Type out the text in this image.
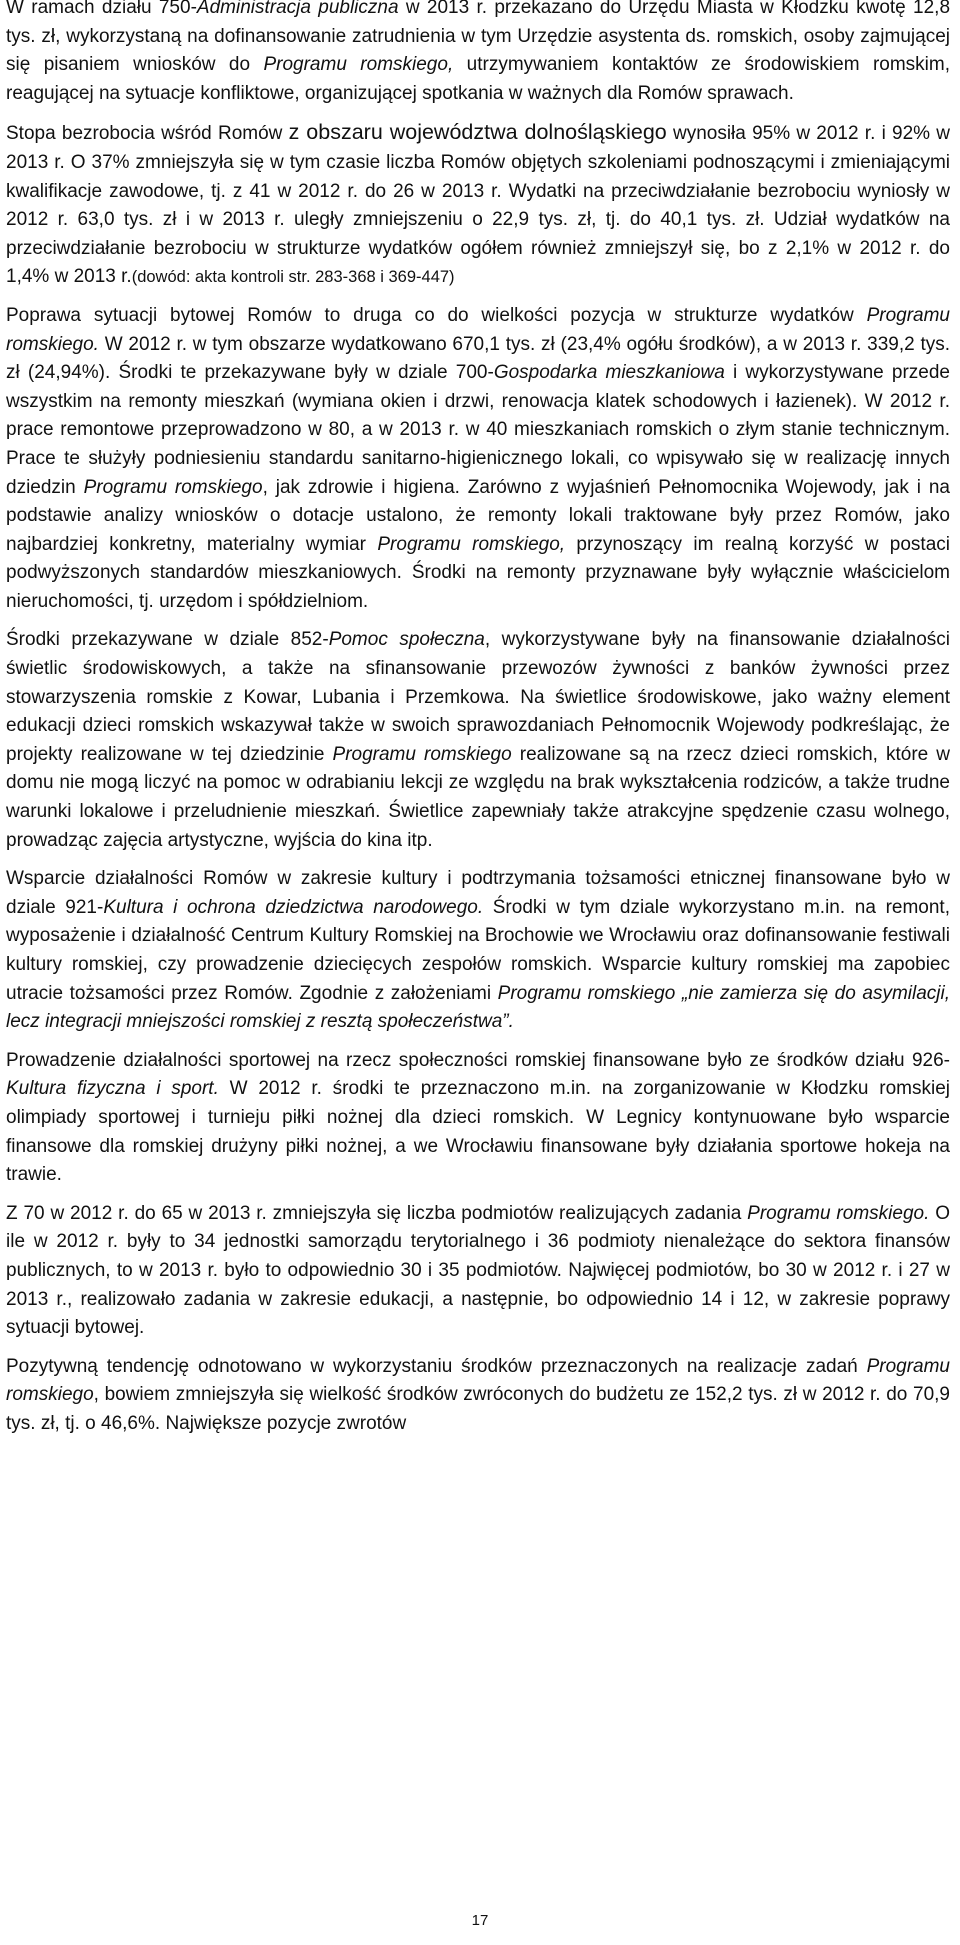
W ramach działu 750-Administracja publiczna w 2013 r. przekazano do Urzędu Miasta w Kłodzku kwotę 12,8 tys. zł, wykorzystaną na dofinansowanie zatrudnienia w tym Urzędzie asystenta ds. romskich, osoby zajmującej się pisaniem wniosków do Programu romskiego, utrzymywaniem kontaktów ze środowiskiem romskim, reagującej na sytuacje konfliktowe, organizującej spotkania w ważnych dla Romów sprawach.

Stopa bezrobocia wśród Romów z obszaru województwa dolnośląskiego wynosiła 95% w 2012 r. i 92% w 2013 r. O 37% zmniejszyła się w tym czasie liczba Romów objętych szkoleniami podnoszącymi i zmieniającymi kwalifikacje zawodowe, tj. z 41 w 2012 r. do 26 w 2013 r. Wydatki na przeciwdziałanie bezrobociu wyniosły w 2012 r. 63,0 tys. zł i w 2013 r. uległy zmniejszeniu o 22,9 tys. zł, tj. do 40,1 tys. zł. Udział wydatków na przeciwdziałanie bezrobociu w strukturze wydatków ogółem również zmniejszył się, bo z 2,1% w 2012 r. do 1,4% w 2013 r.(dowód: akta kontroli str. 283-368 i 369-447)

Poprawa sytuacji bytowej Romów to druga co do wielkości pozycja w strukturze wydatków Programu romskiego. W 2012 r. w tym obszarze wydatkowano 670,1 tys. zł (23,4% ogółu środków), a w 2013 r. 339,2 tys. zł (24,94%). Środki te przekazywane były w dziale 700-Gospodarka mieszkaniowa i wykorzystywane przede wszystkim na remonty mieszkań (wymiana okien i drzwi, renowacja klatek schodowych i łazienek). W 2012 r. prace remontowe przeprowadzono w 80, a w 2013 r. w 40 mieszkaniach romskich o złym stanie technicznym. Prace te służyły podniesieniu standardu sanitarno-higienicznego lokali, co wpisywało się w realizację innych dziedzin Programu romskiego, jak zdrowie i higiena. Zarówno z wyjaśnień Pełnomocnika Wojewody, jak i na podstawie analizy wniosków o dotacje ustalono, że remonty lokali traktowane były przez Romów, jako najbardziej konkretny, materialny wymiar Programu romskiego, przynoszący im realną korzyść w postaci podwyższonych standardów mieszkaniowych. Środki na remonty przyznawane były wyłącznie właścicielom nieruchomości, tj. urzędom i spółdzielniom.

Środki przekazywane w dziale 852-Pomoc społeczna, wykorzystywane były na finansowanie działalności świetlic środowiskowych, a także na sfinansowanie przewozów żywności z banków żywności przez stowarzyszenia romskie z Kowar, Lubania i Przemkowa. Na świetlice środowiskowe, jako ważny element edukacji dzieci romskich wskazywał także w swoich sprawozdaniach Pełnomocnik Wojewody podkreślając, że projekty realizowane w tej dziedzinie Programu romskiego realizowane są na rzecz dzieci romskich, które w domu nie mogą liczyć na pomoc w odrabianiu lekcji ze względu na brak wykształcenia rodziców, a także trudne warunki lokalowe i przeludnienie mieszkań. Świetlice zapewniały także atrakcyjne spędzenie czasu wolnego, prowadząc zajęcia artystyczne, wyjścia do kina itp.

Wsparcie działalności Romów w zakresie kultury i podtrzymania tożsamości etnicznej finansowane było w dziale 921-Kultura i ochrona dziedzictwa narodowego. Środki w tym dziale wykorzystano m.in. na remont, wyposażenie i działalność Centrum Kultury Romskiej na Brochowie we Wrocławiu oraz dofinansowanie festiwali kultury romskiej, czy prowadzenie dziecięcych zespołów romskich. Wsparcie kultury romskiej ma zapobiec utracie tożsamości przez Romów. Zgodnie z założeniami Programu romskiego „nie zamierza się do asymilacji, lecz integracji mniejszości romskiej z resztą społeczeństwa”.

Prowadzenie działalności sportowej na rzecz społeczności romskiej finansowane było ze środków działu 926-Kultura fizyczna i sport. W 2012 r. środki te przeznaczono m.in. na zorganizowanie w Kłodzku romskiej olimpiady sportowej i turnieju piłki nożnej dla dzieci romskich. W Legnicy kontynuowane było wsparcie finansowe dla romskiej drużyny piłki nożnej, a we Wrocławiu finansowane były działania sportowe hokeja na trawie.

Z 70 w 2012 r. do 65 w 2013 r. zmniejszyła się liczba podmiotów realizujących zadania Programu romskiego. O ile w 2012 r. były to 34 jednostki samorządu terytorialnego i 36 podmioty nienależące do sektora finansów publicznych, to w 2013 r. było to odpowiednio 30 i 35 podmiotów. Najwięcej podmiotów, bo 30 w 2012 r. i 27 w 2013 r., realizowało zadania w zakresie edukacji, a następnie, bo odpowiednio 14 i 12, w zakresie poprawy sytuacji bytowej.

Pozytywną tendencję odnotowano w wykorzystaniu środków przeznaczonych na realizacje zadań Programu romskiego, bowiem zmniejszyła się wielkość środków zwróconych do budżetu ze 152,2 tys. zł w 2012 r. do 70,9 tys. zł, tj. o 46,6%. Największe pozycje zwrotów

17
